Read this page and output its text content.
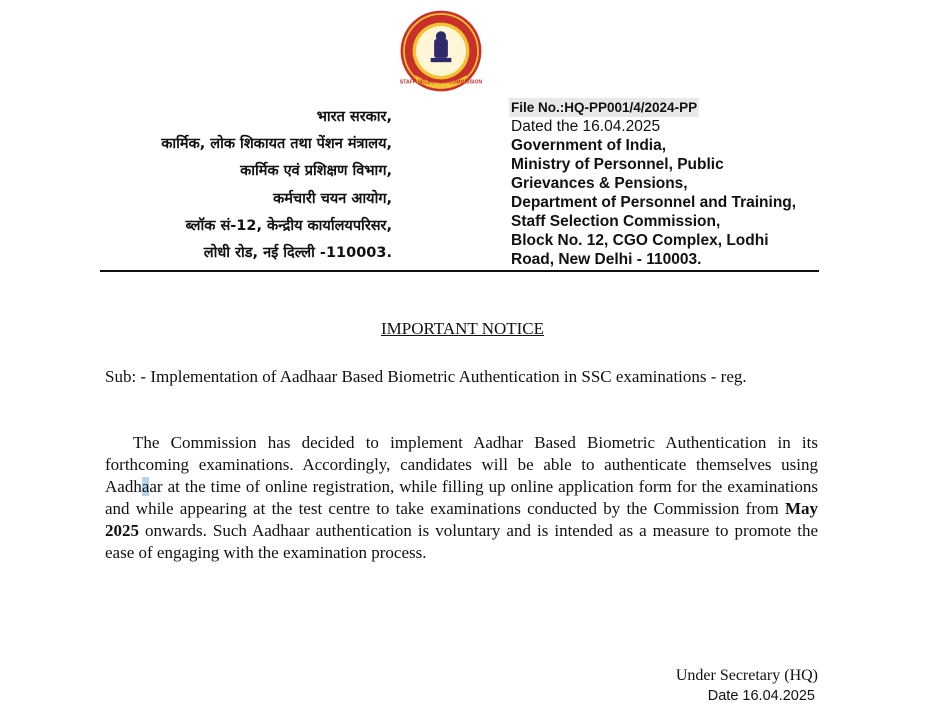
STAFF SELECTION COMMISSION
भारत सरकार,
कार्मिक, लोक शिकायत तथा पेंशन मंत्रालय,
कार्मिक एवं प्रशिक्षण विभाग,
कर्मचारी चयन आयोग,
ब्लॉक सं-12, केन्द्रीय कार्यालयपरिसर,
लोधी रोड, नई दिल्ली -110003.
File No.:HQ-PP001/4/2024-PP
Dated the 16.04.2025
Government of India,
Ministry of Personnel, Public
Grievances & Pensions,
Department of Personnel and Training,
Staff Selection Commission,
Block No. 12, CGO Complex, Lodhi
Road, New Delhi - 110003.
IMPORTANT NOTICE
Sub: - Implementation of Aadhaar Based Biometric Authentication in SSC examinations - reg.
The Commission has decided to implement Aadhar Based Biometric Authentication in its forthcoming examinations. Accordingly, candidates will be able to authenticate themselves using Aadhaar at the time of online registration, while filling up online application form for the examinations and while appearing at the test centre to take examinations conducted by the Commission from May 2025 onwards. Such Aadhaar authentication is voluntary and is intended as a measure to promote the ease of engaging with the examination process.
Under Secretary (HQ)
Date 16.04.2025
